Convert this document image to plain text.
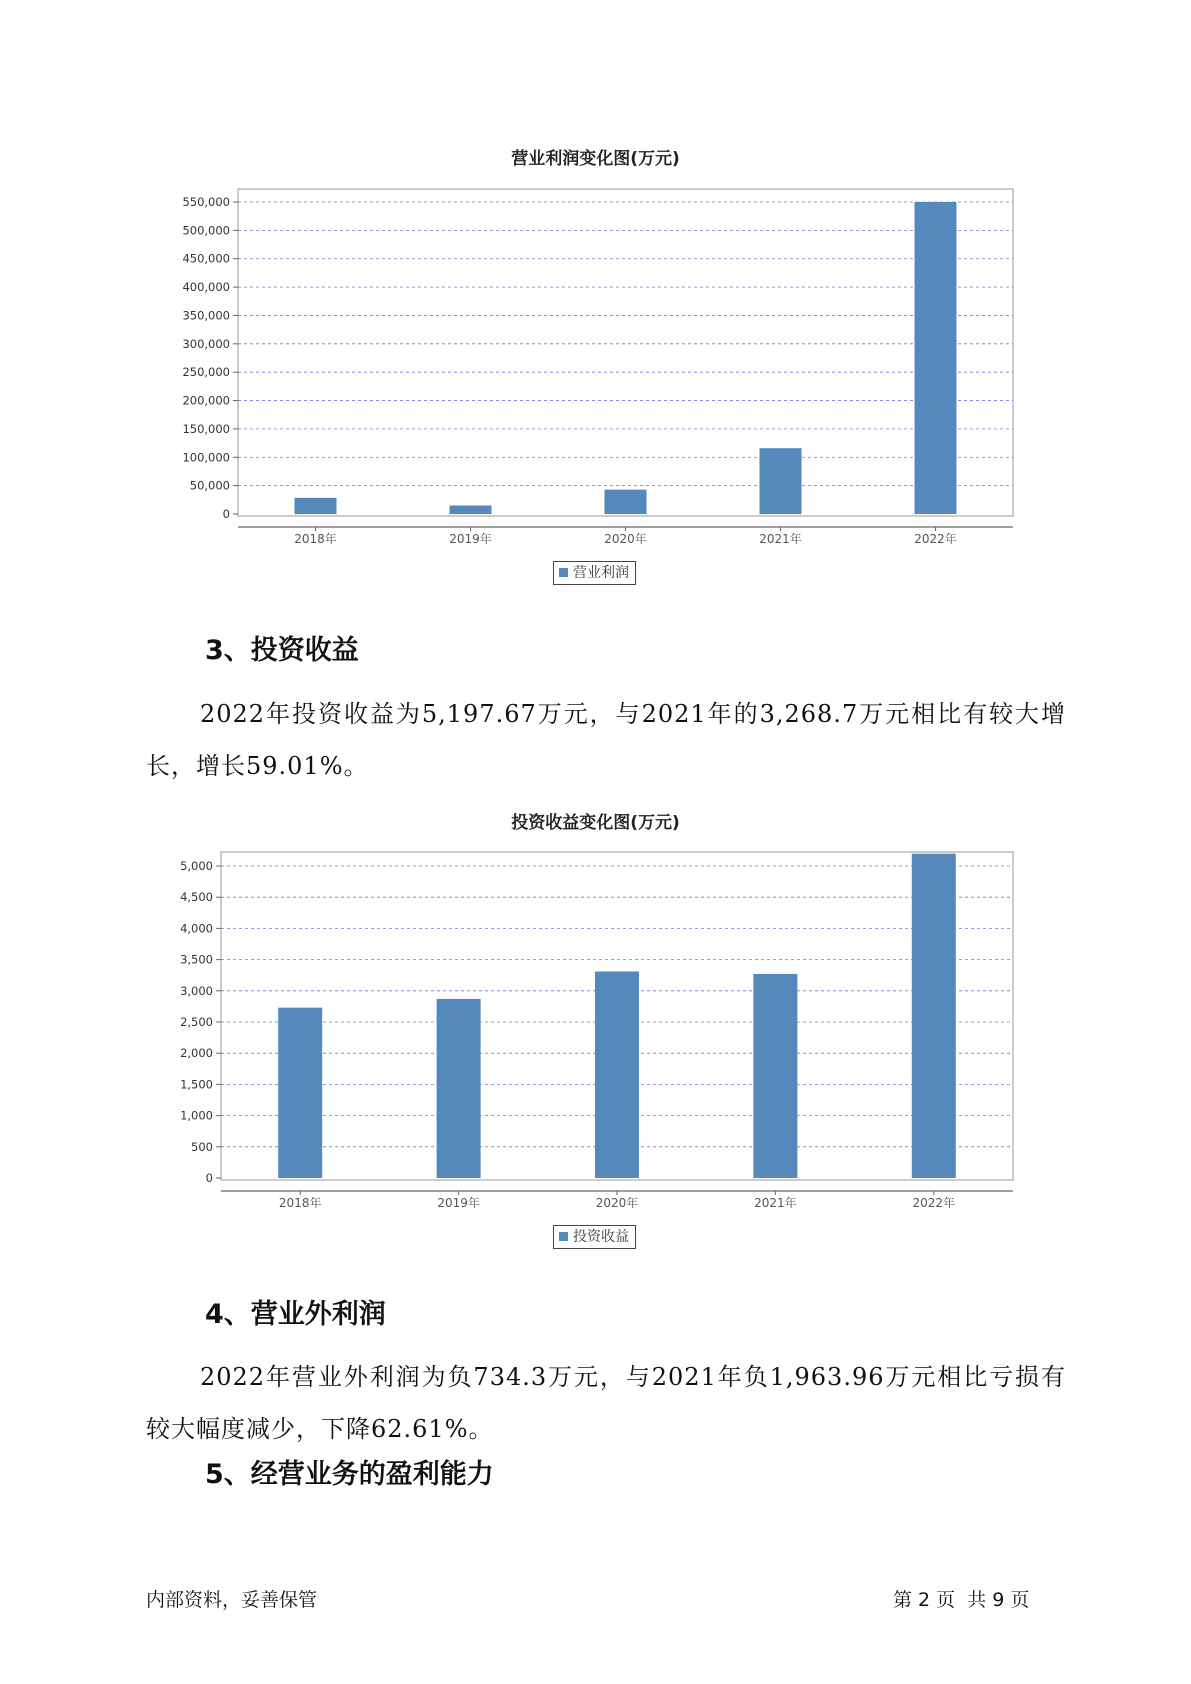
营业利润变化图(万元)
0
50,000
100,000
150,000
200,000
250,000
300,000
350,000
400,000
450,000
500,000
550,000
2018年	2019年	2020年	2021年	2022年
营业利润
3、投资收益
2022年投资收益为5,197.67万元，与2021年的3,268.7万元相比有较大增长，增长59.01%。
投资收益变化图(万元)
0
500
1,000
1,500
2,000
2,500
3,000
3,500
4,000
4,500
5,000
2018年	2019年	2020年	2021年	2022年
投资收益
4、营业外利润
2022年营业外利润为负734.3万元，与2021年负1,963.96万元相比亏损有较大幅度减少，下降62.61%。
5、经营业务的盈利能力
内部资料，妥善保管	第 2 页  共 9 页
